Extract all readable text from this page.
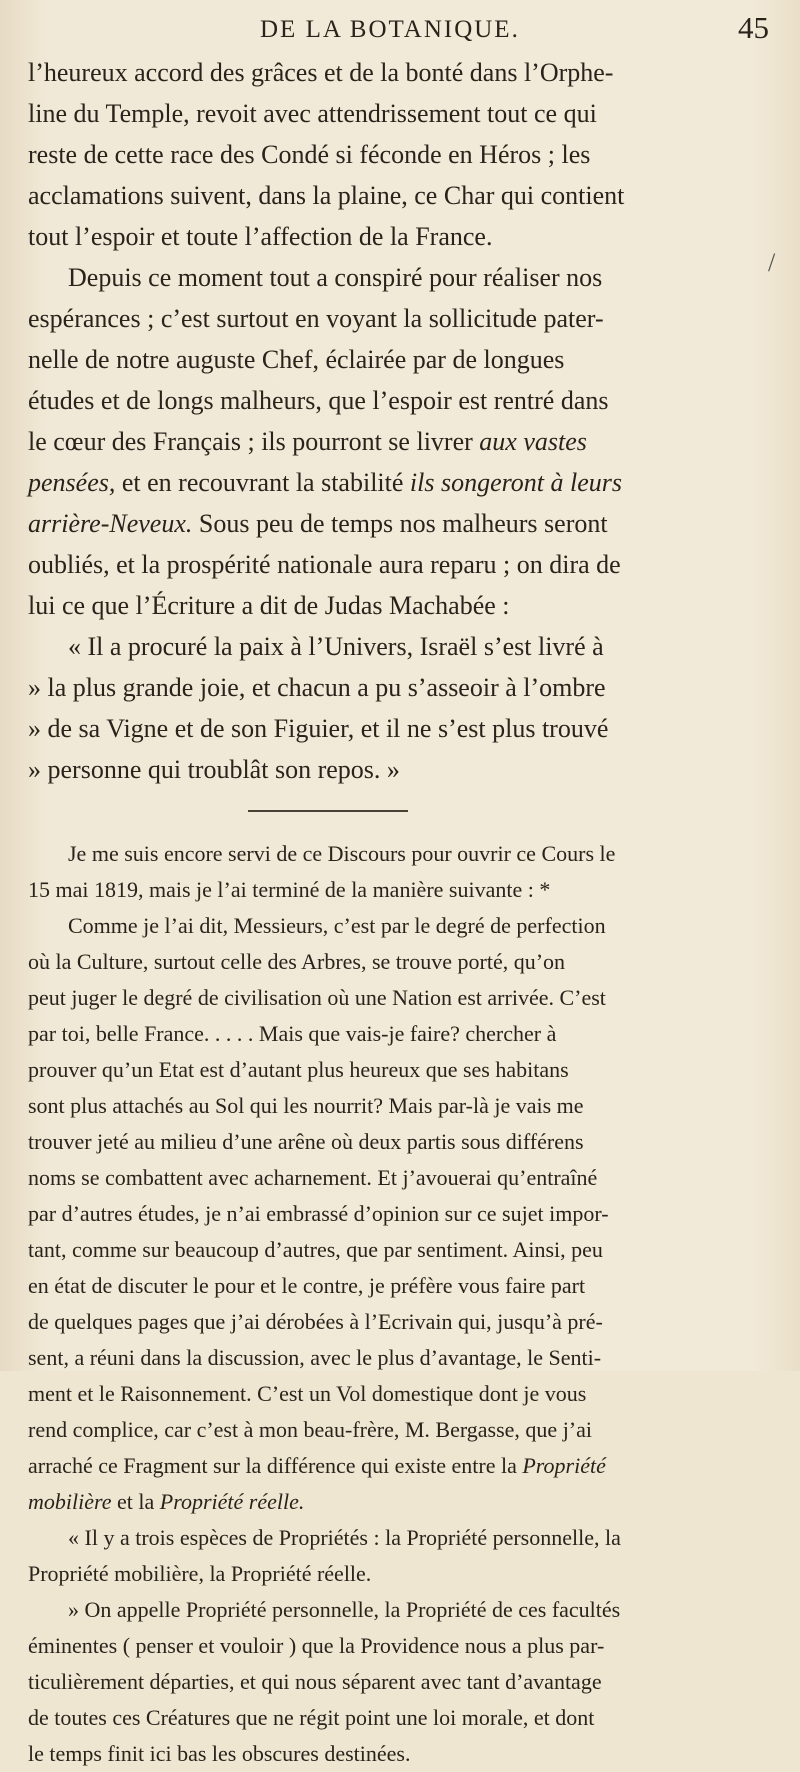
DE LA BOTANIQUE.	45
/
l’heureux accord des grâces et de la bonté dans l’Orphe-
line du Temple, revoit avec attendrissement tout ce qui
reste de cette race des Condé si féconde en Héros ; les
acclamations suivent, dans la plaine, ce Char qui contient
tout l’espoir et toute l’affection de la France.
Depuis ce moment tout a conspiré pour réaliser nos
espérances ; c’est surtout en voyant la sollicitude pater-
nelle de notre auguste Chef, éclairée par de longues
études et de longs malheurs, que l’espoir est rentré dans
le cœur des Français ; ils pourront se livrer aux vastes
pensées, et en recouvrant la stabilité ils songeront à leurs
arrière-Neveux. Sous peu de temps nos malheurs seront
oubliés, et la prospérité nationale aura reparu ; on dira de
lui ce que l’Écriture a dit de Judas Machabée :
« Il a procuré la paix à l’Univers, Israël s’est livré à
» la plus grande joie, et chacun a pu s’asseoir à l’ombre
» de sa Vigne et de son Figuier, et il ne s’est plus trouvé
» personne qui troublât son repos. »
Je me suis encore servi de ce Discours pour ouvrir ce Cours le
15 mai 1819, mais je l’ai terminé de la manière suivante : *
Comme je l’ai dit, Messieurs, c’est par le degré de perfection
où la Culture, surtout celle des Arbres, se trouve porté, qu’on
peut juger le degré de civilisation où une Nation est arrivée. C’est
par toi, belle France. . . . . Mais que vais-je faire? chercher à
prouver qu’un Etat est d’autant plus heureux que ses habitans
sont plus attachés au Sol qui les nourrit? Mais par-là je vais me
trouver jeté au milieu d’une arêne où deux partis sous différens
noms se combattent avec acharnement. Et j’avouerai qu’entraîné
par d’autres études, je n’ai embrassé d’opinion sur ce sujet impor-
tant, comme sur beaucoup d’autres, que par sentiment. Ainsi, peu
en état de discuter le pour et le contre, je préfère vous faire part
de quelques pages que j’ai dérobées à l’Ecrivain qui, jusqu’à pré-
sent, a réuni dans la discussion, avec le plus d’avantage, le Senti-
ment et le Raisonnement. C’est un Vol domestique dont je vous
rend complice, car c’est à mon beau-frère, M. Bergasse, que j’ai
arraché ce Fragment sur la différence qui existe entre la Propriété
mobilière et la Propriété réelle.
« Il y a trois espèces de Propriétés : la Propriété personnelle, la
Propriété mobilière, la Propriété réelle.
» On appelle Propriété personnelle, la Propriété de ces facultés
éminentes ( penser et vouloir ) que la Providence nous a plus par-
ticulièrement départies, et qui nous séparent avec tant d’avantage
de toutes ces Créatures que ne régit point une loi morale, et dont
le temps finit ici bas les obscures destinées.
